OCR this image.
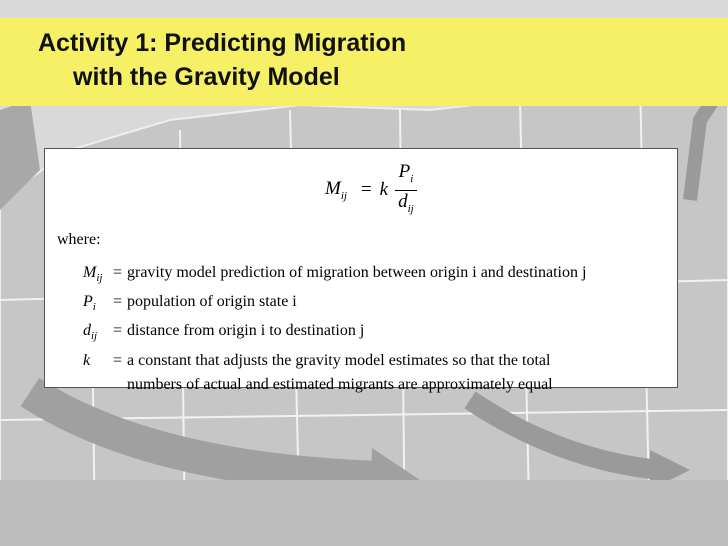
Activity 1: Predicting Migration
with the Gravity Model
$M_{ij} = k \frac{P_i}{d_{ij}}$
where:
$M_{ij}$ = gravity model prediction of migration between origin i and destination j
$P_i$	= population of origin state i
$d_{ij}$ = distance from origin i to destination j
k	= a constant that adjusts the gravity model estimates so that the total
numbers of actual and estimated migrants are approximately equal
